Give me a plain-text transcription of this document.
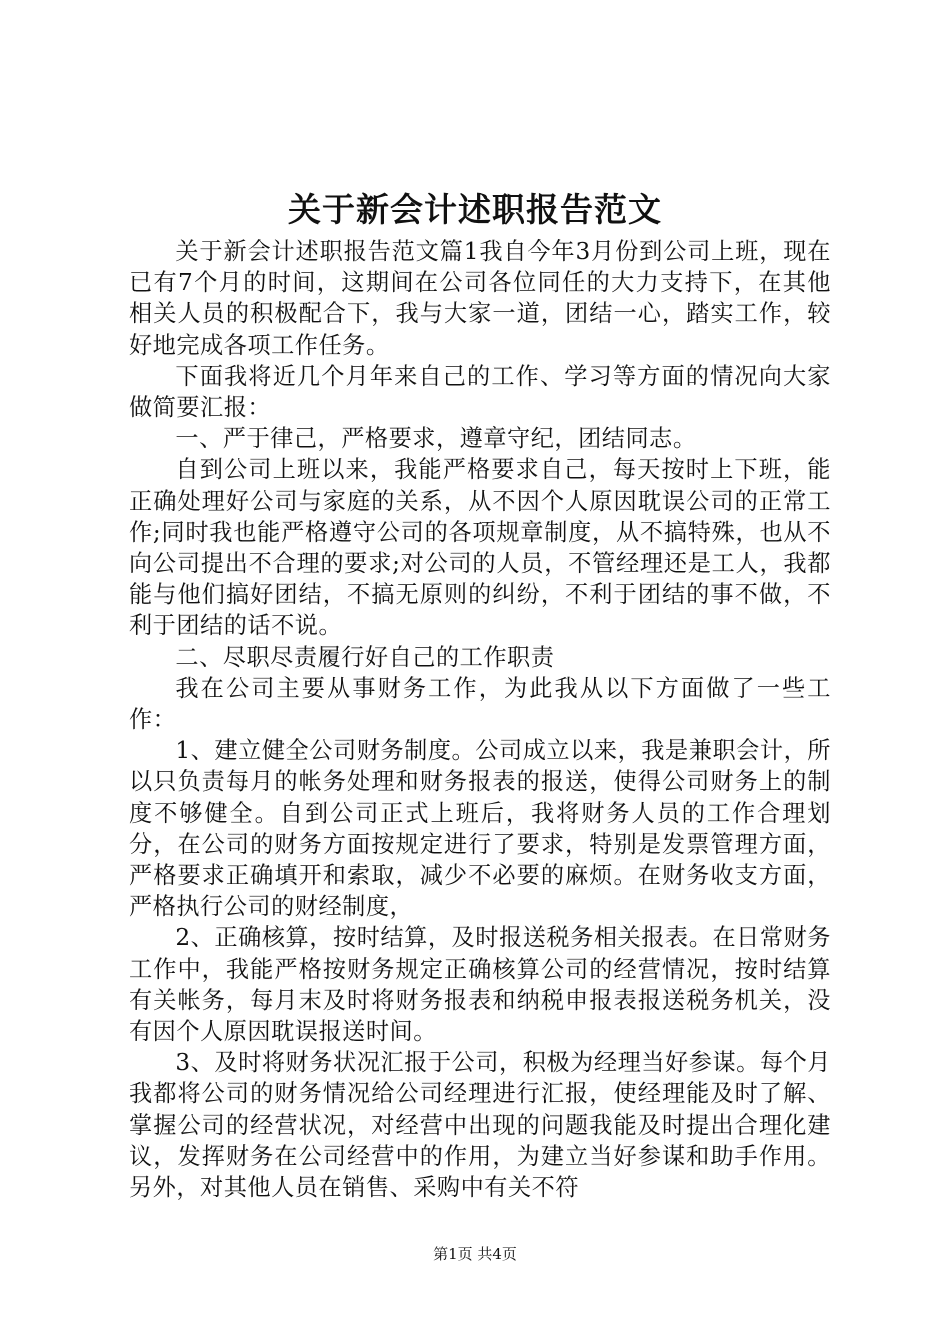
关于新会计述职报告范文

关于新会计述职报告范文篇1我自今年3月份到公司上班，现在已有7个月的时间，这期间在公司各位同任的大力支持下，在其他相关人员的积极配合下，我与大家一道，团结一心，踏实工作，较好地完成各项工作任务。

下面我将近几个月年来自己的工作、学习等方面的情况向大家做简要汇报：

一、严于律己，严格要求，遵章守纪，团结同志。

自到公司上班以来，我能严格要求自己，每天按时上下班，能正确处理好公司与家庭的关系，从不因个人原因耽误公司的正常工作;同时我也能严格遵守公司的各项规章制度，从不搞特殊，也从不向公司提出不合理的要求;对公司的人员，不管经理还是工人，我都能与他们搞好团结，不搞无原则的纠纷，不利于团结的事不做，不利于团结的话不说。

二、尽职尽责履行好自己的工作职责

我在公司主要从事财务工作，为此我从以下方面做了一些工作：

1、建立健全公司财务制度。公司成立以来，我是兼职会计，所以只负责每月的帐务处理和财务报表的报送，使得公司财务上的制度不够健全。自到公司正式上班后，我将财务人员的工作合理划分，在公司的财务方面按规定进行了要求，特别是发票管理方面，严格要求正确填开和索取，减少不必要的麻烦。在财务收支方面，严格执行公司的财经制度，

2、正确核算，按时结算，及时报送税务相关报表。在日常财务工作中，我能严格按财务规定正确核算公司的经营情况，按时结算有关帐务，每月末及时将财务报表和纳税申报表报送税务机关，没有因个人原因耽误报送时间。

3、及时将财务状况汇报于公司，积极为经理当好参谋。每个月我都将公司的财务情况给公司经理进行汇报，使经理能及时了解、掌握公司的经营状况，对经营中出现的问题我能及时提出合理化建议，发挥财务在公司经营中的作用，为建立当好参谋和助手作用。另外，对其他人员在销售、采购中有关不符

第1页 共4页
